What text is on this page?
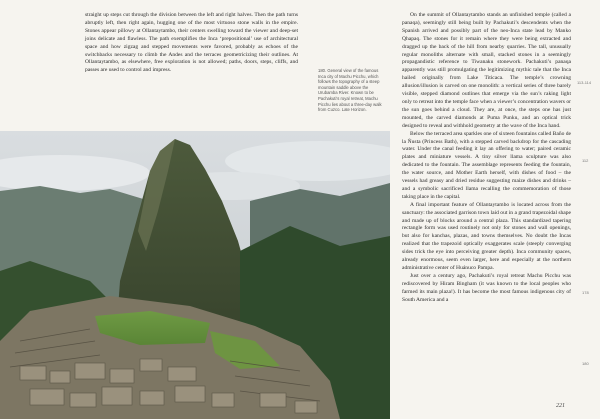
straight up steps cut through the division between the left and right halves. Then the path turns abruptly left, then right again, hugging one of the most virtuoso stone walls in the empire. Stones appear pillowy at Ollantaytambo, their centers swelling toward the viewer and deep-set joins delicate and flawless. The path exemplifies the Inca ‘prepositional’ use of architectural space and how zigzag and stepped movements were favored, probably as echoes of the switchbacks necessary to climb the Andes and the terraces geometricizing their outlines. At Ollantaytambo, as elsewhere, free exploration is not allowed; paths, doors, steps, cliffs, and passes are used to control and impress.	180. General view of the famous Inca city of Machu Picchu, which follows the topography of a steep mountain saddle above the Urubamba River. Known to be Pachakuti’s royal retreat, Machu Picchu lies about a three-day walk from Cuzco. Late Horizon.

On the summit of Ollantaytambo stands an unfinished temple (called a panaqa), seemingly still being built by Pachakuti’s descendents when the Spanish arrived and possibly part of the neo-Inca state lead by Manko Qhapaq. The stones for it remain where they were being extracted and dragged up the back of the hill from nearby quarries. The tall, unusually regular monoliths alternate with small, stacked stones in a seemingly propagandistic reference to Tiwanaku stonework. Pachakuti’s panaqa apparently was still promulgating the legitimizing mythic tale that the Inca hailed originally from Lake Titicaca. The temple’s crowning allusion/illusion is carved on one monolith: a vertical series of three barely visible, stepped diamond outlines that emerge via the sun’s raking light only to retreat into the temple face when a viewer’s concentration wavers or the sun goes behind a cloud. They are, at once, the steps one has just mounted, the carved diamonds at Puma Punku, and an optical trick designed to reveal and withhold geometry at the wave of the Inca hand.

Below the terraced area sparkles one of sixteen fountains called Baño de la Ñusta (Princess Bath), with a stepped carved backdrop for the cascading water. Under the canal feeding it lay an offering to water; paired ceramic plates and miniature vessels. A tiny silver llama sculpture was also dedicated to the fountain. The assemblage represents feeding the fountain, the water source, and Mother Earth herself, with dishes of food – the vessels had greasy and dried residue suggesting maize dishes and drinks – and a symbolic sacrificed llama recalling the commemoration of those taking place in the capital.

A final important feature of Ollantaytambo is located across from the sanctuary: the associated garrison town laid out in a grand trapezoidal shape and made up of blocks around a central plaza. This standardized tapering rectangle form was used routinely not only for stones and wall openings, but also for kanchas, plazas, and towns themselves. No doubt the Incas realized that the trapezoid optically exaggerates scale (steeply converging sides trick the eye into perceiving greater depth). Inca community spaces, already enormous, seem even larger, here and especially at the northern administrative center of Huánuco Pampa.

Just over a century ago, Pachakuti’s royal retreat Machu Picchu was rediscovered by Hiram Bingham (it was known to the local peoples who farmed its main plaza!). It has become the most famous indigenous city of South America and a

113-114
112
178
180
221
